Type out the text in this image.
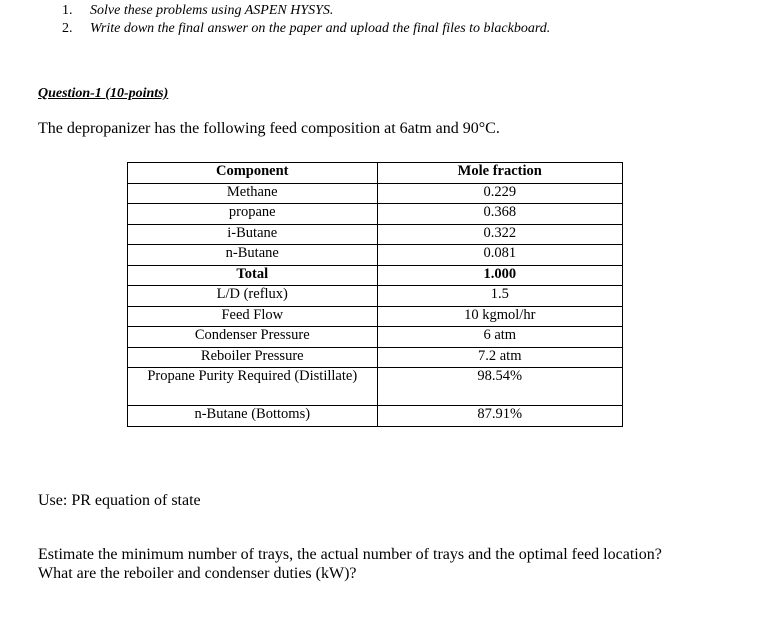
1.	Solve these problems using ASPEN HYSYS.
2.	Write down the final answer on the paper and upload the final files to blackboard.
Question-1 (10-points)
The depropanizer has the following feed composition at 6atm and 90°C.
Component	Mole fraction
Methane	0.229
propane	0.368
i-Butane	0.322
n-Butane	0.081
Total	1.000
L/D (reflux)	1.5
Feed Flow	10 kgmol/hr
Condenser Pressure	6 atm
Reboiler Pressure	7.2 atm
Propane Purity Required (Distillate)	98.54%
n-Butane (Bottoms)	87.91%
Use: PR equation of state
Estimate the minimum number of trays, the actual number of trays and the optimal feed location?
What are the reboiler and condenser duties (kW)?
